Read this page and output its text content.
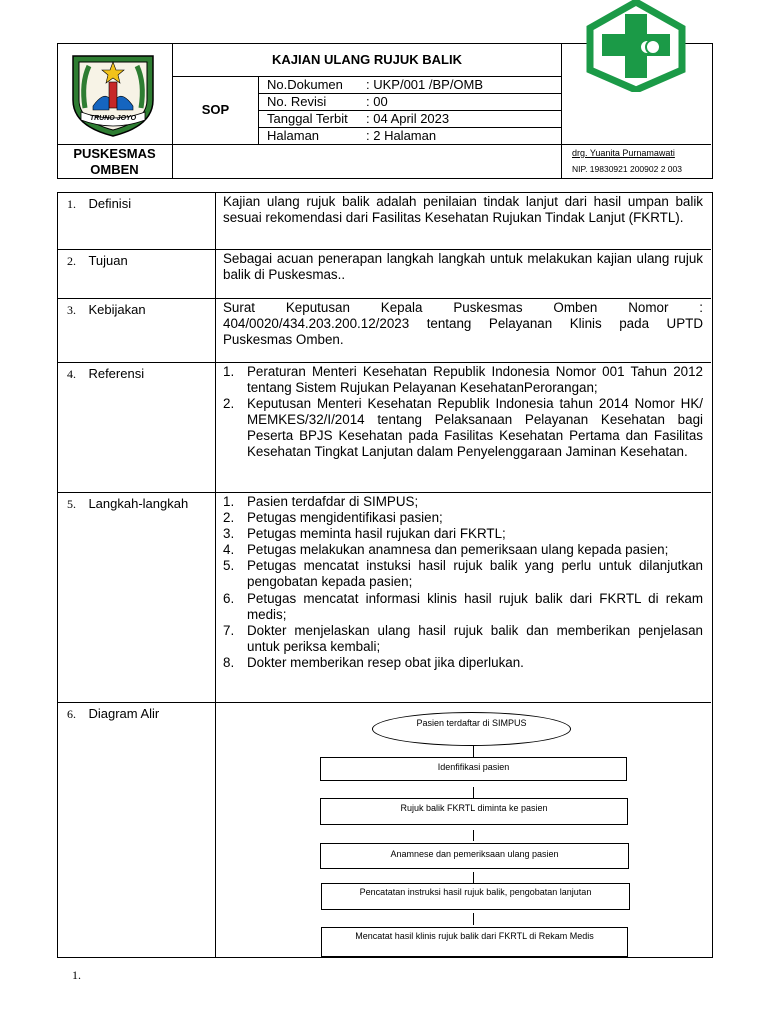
TRUNO JOYO
KAJIAN ULANG RUJUK BALIK
SOP
No.Dokumen : UKP/001 /BP/OMB
No. Revisi	: 00
Tanggal Terbit : 04 April 2023
Halaman	: 2 Halaman
PUSKESMAS
OMBEN
drg. Yuanita Purnamawati
NIP. 19830921 200902 2 003
1. Definisi	Kajian ulang rujuk balik adalah penilaian tindak lanjut dari hasil umpan balik sesuai rekomendasi dari Fasilitas Kesehatan Rujukan Tindak Lanjut (FKRTL).
2. Tujuan	Sebagai acuan penerapan langkah langkah untuk melakukan kajian ulang rujuk balik di Puskesmas..
3. Kebijakan	Surat Keputusan Kepala Puskesmas Omben Nomor : 404/0020/434.203.200.12/2023 tentang Pelayanan Klinis pada UPTD Puskesmas Omben.
4. Referensi	1. Peraturan Menteri Kesehatan Republik Indonesia Nomor 001 Tahun 2012 tentang Sistem Rujukan Pelayanan KesehatanPerorangan;
2. Keputusan Menteri Kesehatan Republik Indonesia tahun 2014 Nomor HK/ MEMKES/32/I/2014 tentang Pelaksanaan Pelayanan Kesehatan bagi Peserta BPJS Kesehatan pada Fasilitas Kesehatan Pertama dan Fasilitas Kesehatan Tingkat Lanjutan dalam Penyelenggaraan Jaminan Kesehatan.
5. Langkah-langkah	1. Pasien terdafdar di SIMPUS;
2. Petugas mengidentifikasi pasien;
3. Petugas meminta hasil rujukan dari FKRTL;
4. Petugas melakukan anamnesa dan pemeriksaan ulang kepada pasien;
5. Petugas mencatat instuksi hasil rujuk balik yang perlu untuk dilanjutkan pengobatan kepada pasien;
6. Petugas mencatat informasi klinis hasil rujuk balik dari FKRTL di rekam medis;
7. Dokter menjelaskan ulang hasil rujuk balik dan memberikan penjelasan untuk periksa kembali;
8. Dokter memberikan resep obat jika diperlukan.
6. Diagram Alir
Pasien terdaftar di SIMPUS
Idenfifikasi pasien
Rujuk balik FKRTL diminta ke pasien
Anamnese dan pemeriksaan ulang pasien
Pencatatan instruksi hasil rujuk balik, pengobatan lanjutan
Mencatat hasil klinis rujuk balik dari FKRTL di Rekam Medis
1.
